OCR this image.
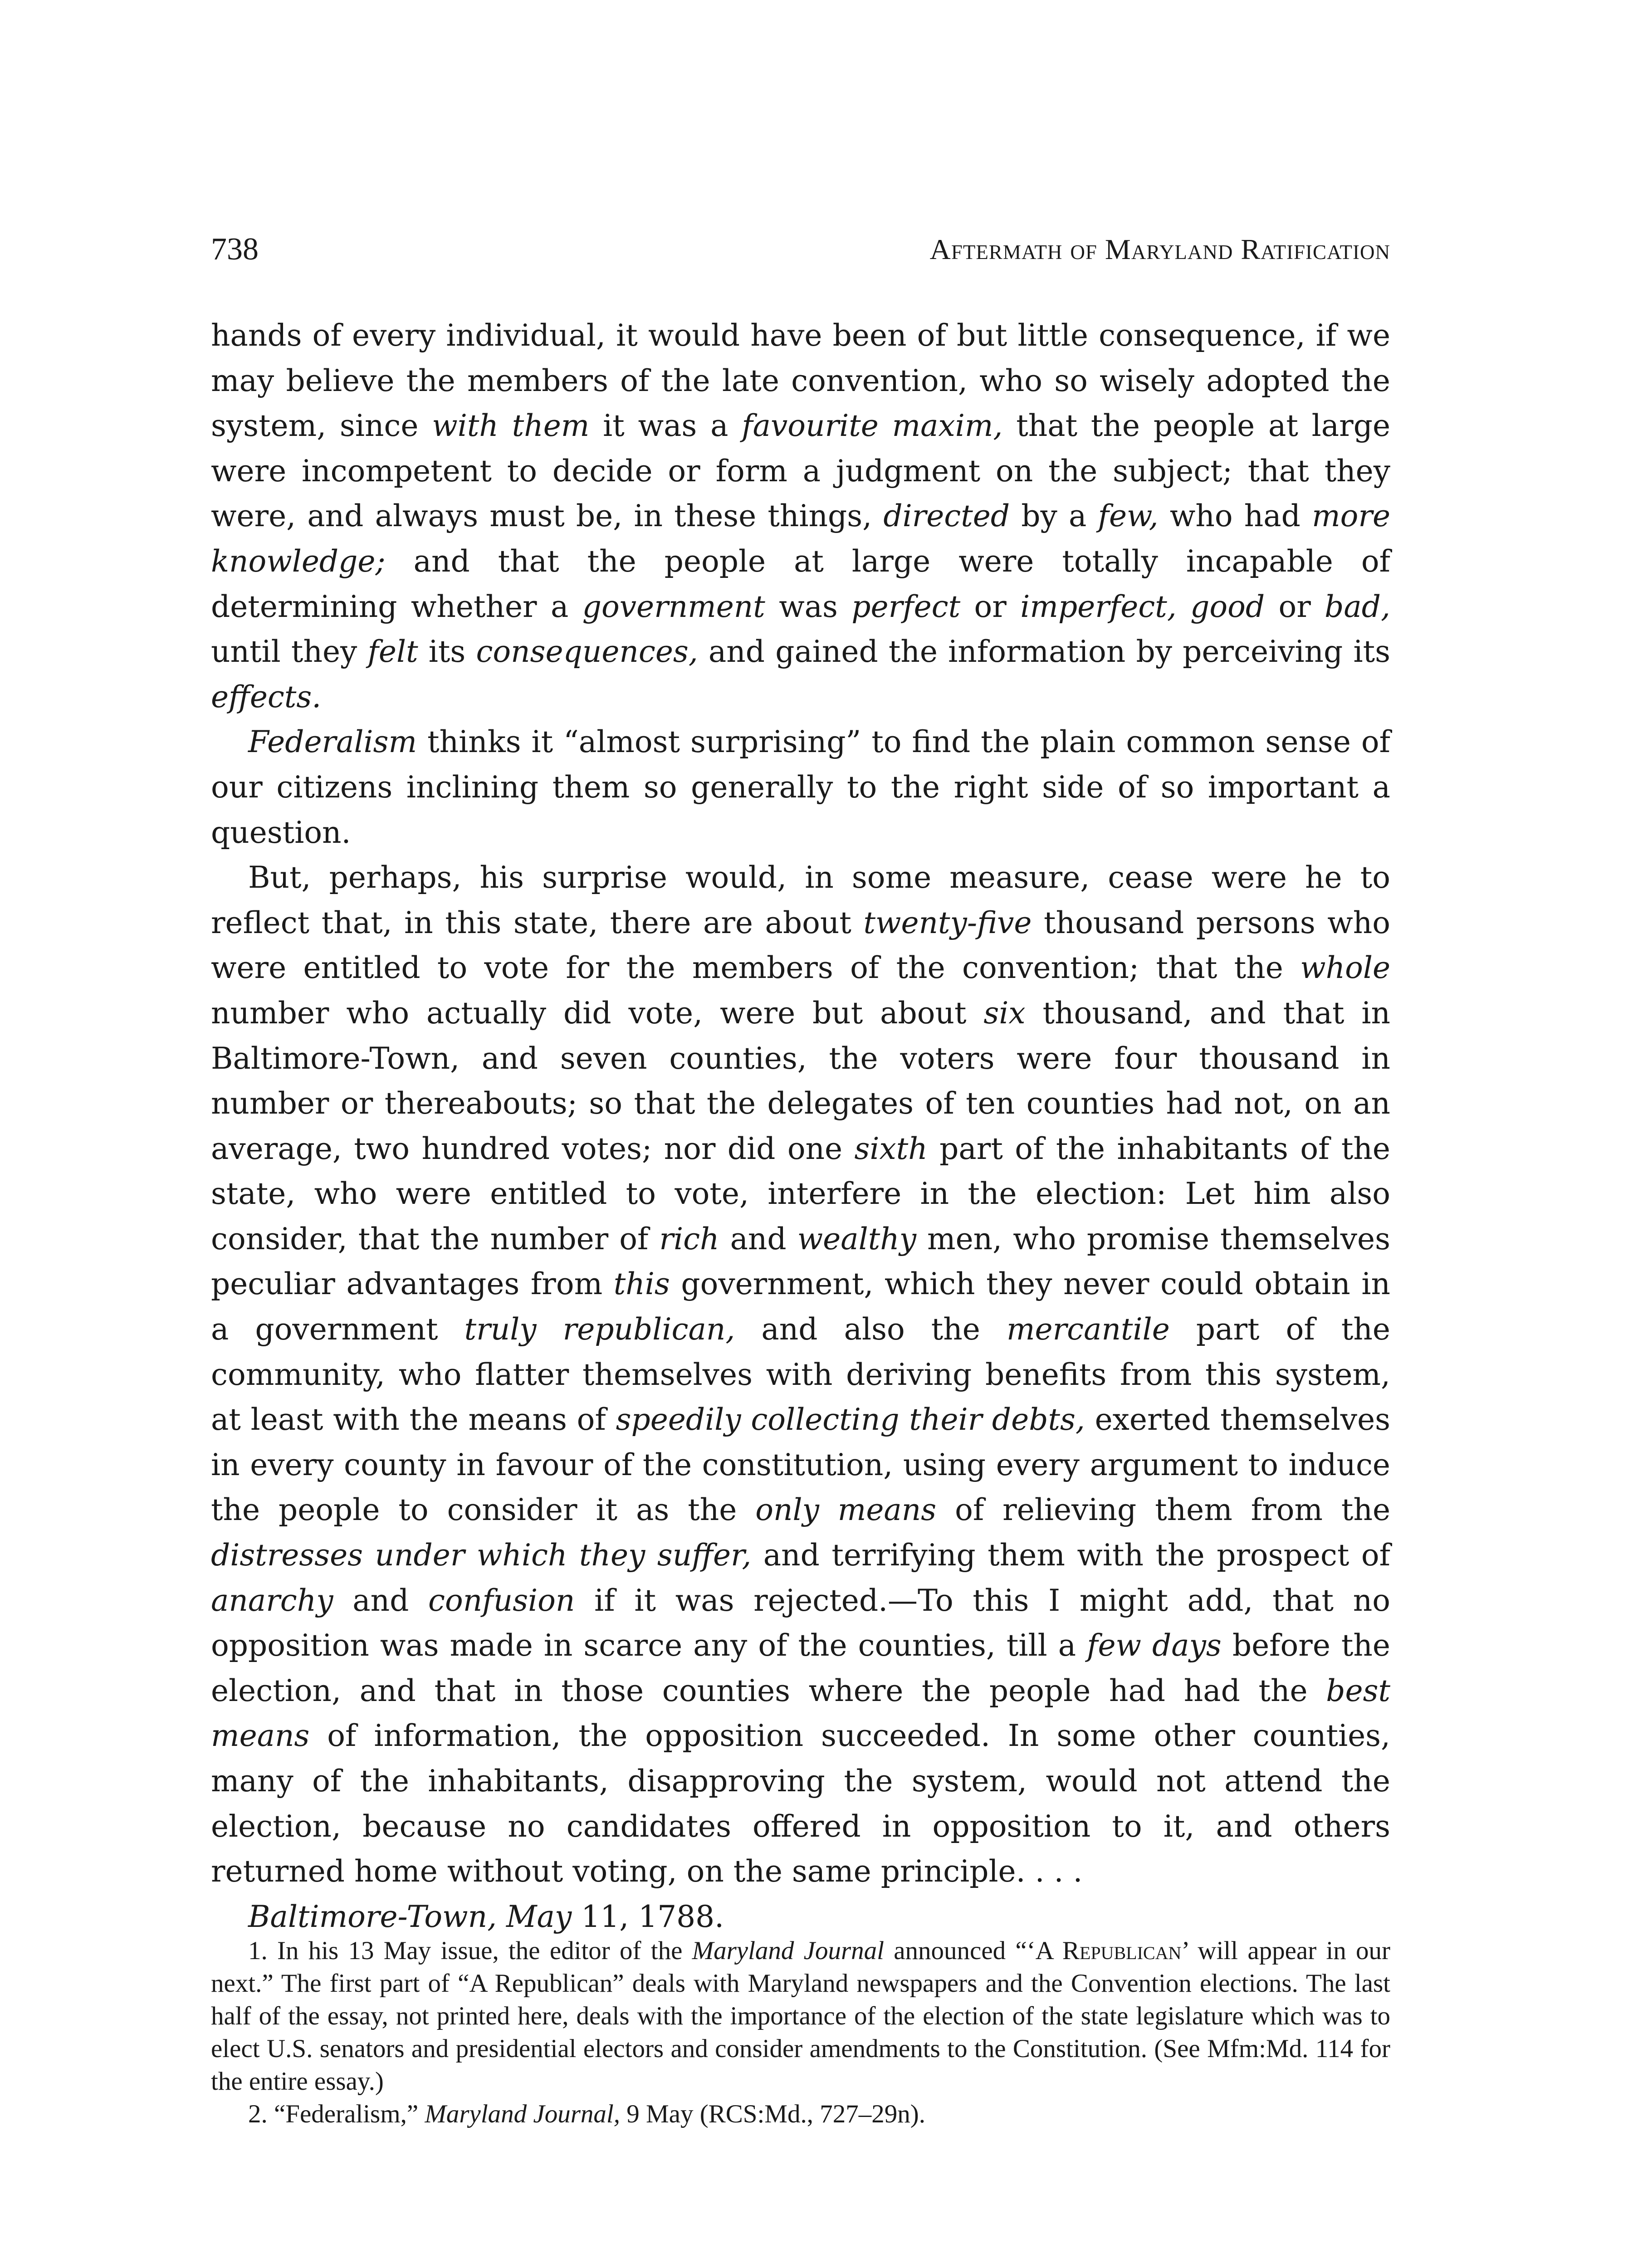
738	Aftermath of Maryland Ratification

hands of every individual, it would have been of but little consequence, if we may believe the members of the late convention, who so wisely adopted the system, since with them it was a favourite maxim, that the people at large were incompetent to decide or form a judgment on the subject; that they were, and always must be, in these things, directed by a few, who had more knowledge; and that the people at large were totally incapable of determining whether a government was perfect or imperfect, good or bad, until they felt its consequences, and gained the information by perceiving its effects.

Federalism thinks it “almost surprising” to find the plain common sense of our citizens inclining them so generally to the right side of so important a question.

But, perhaps, his surprise would, in some measure, cease were he to reflect that, in this state, there are about twenty-five thousand persons who were entitled to vote for the members of the convention; that the whole number who actually did vote, were but about six thousand, and that in Baltimore-Town, and seven counties, the voters were four thousand in number or thereabouts; so that the delegates of ten counties had not, on an average, two hundred votes; nor did one sixth part of the inhabitants of the state, who were entitled to vote, interfere in the election: Let him also consider, that the number of rich and wealthy men, who promise themselves peculiar advantages from this government, which they never could obtain in a government truly republican, and also the mercantile part of the community, who flatter themselves with deriving benefits from this system, at least with the means of speedily collecting their debts, exerted themselves in every county in favour of the constitution, using every argument to induce the people to consider it as the only means of relieving them from the distresses under which they suffer, and terrifying them with the prospect of anarchy and confusion if it was rejected.—To this I might add, that no opposition was made in scarce any of the counties, till a few days before the election, and that in those counties where the people had had the best means of information, the opposition succeeded. In some other counties, many of the inhabitants, disapproving the system, would not attend the election, because no candidates offered in opposition to it, and others returned home without voting, on the same principle. . . .

Baltimore-Town, May 11, 1788.

1. In his 13 May issue, the editor of the Maryland Journal announced “‘A Republican’ will appear in our next.” The first part of “A Republican” deals with Maryland newspapers and the Convention elections. The last half of the essay, not printed here, deals with the importance of the election of the state legislature which was to elect U.S. senators and presidential electors and consider amendments to the Constitution. (See Mfm:Md. 114 for the entire essay.)

2. “Federalism,” Maryland Journal, 9 May (RCS:Md., 727–29n).
